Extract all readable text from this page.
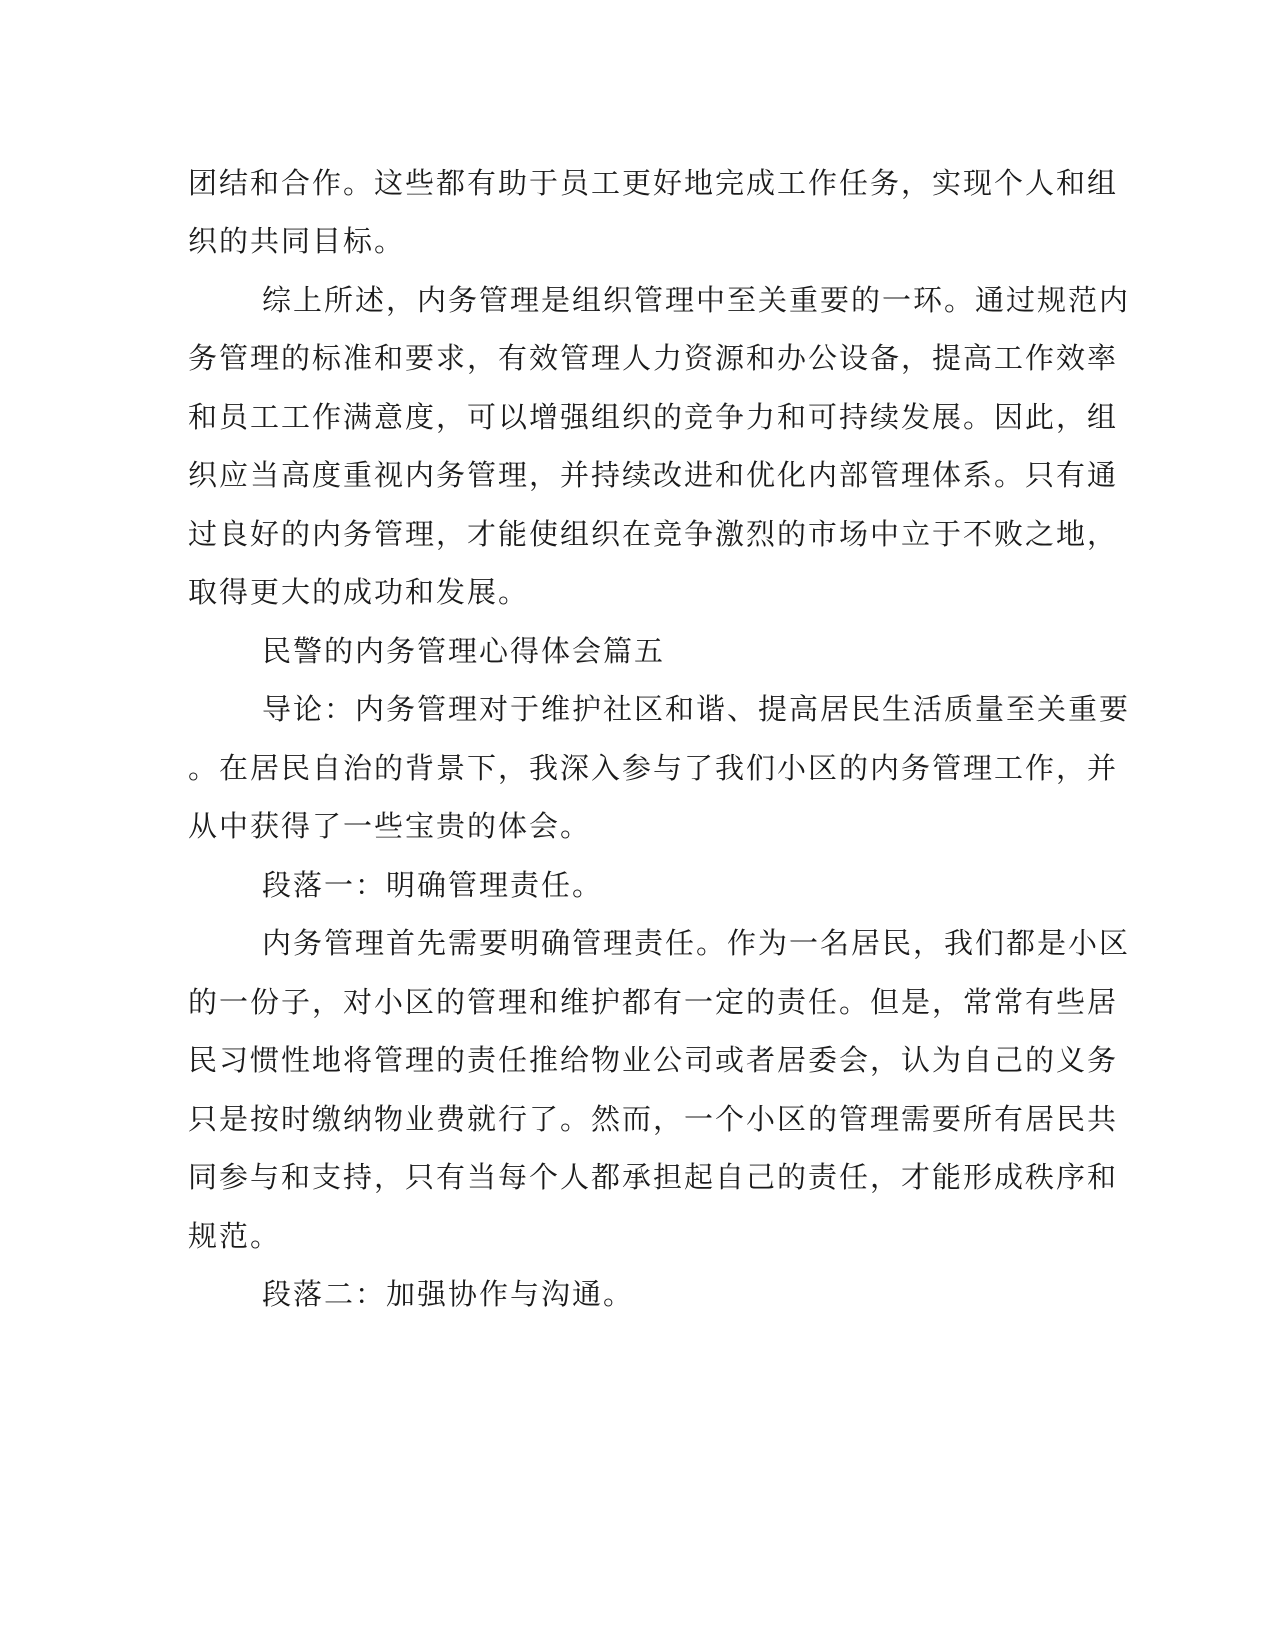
团结和合作。这些都有助于员工更好地完成工作任务，实现个人和组

织的共同目标。

综上所述，内务管理是组织管理中至关重要的一环。通过规范内

务管理的标准和要求，有效管理人力资源和办公设备，提高工作效率

和员工工作满意度，可以增强组织的竞争力和可持续发展。因此，组

织应当高度重视内务管理，并持续改进和优化内部管理体系。只有通

过良好的内务管理，才能使组织在竞争激烈的市场中立于不败之地，

取得更大的成功和发展。

民警的内务管理心得体会篇五

导论：内务管理对于维护社区和谐、提高居民生活质量至关重要

。在居民自治的背景下，我深入参与了我们小区的内务管理工作，并

从中获得了一些宝贵的体会。

段落一：明确管理责任。

内务管理首先需要明确管理责任。作为一名居民，我们都是小区

的一份子，对小区的管理和维护都有一定的责任。但是，常常有些居

民习惯性地将管理的责任推给物业公司或者居委会，认为自己的义务

只是按时缴纳物业费就行了。然而，一个小区的管理需要所有居民共

同参与和支持，只有当每个人都承担起自己的责任，才能形成秩序和

规范。

段落二：加强协作与沟通。
